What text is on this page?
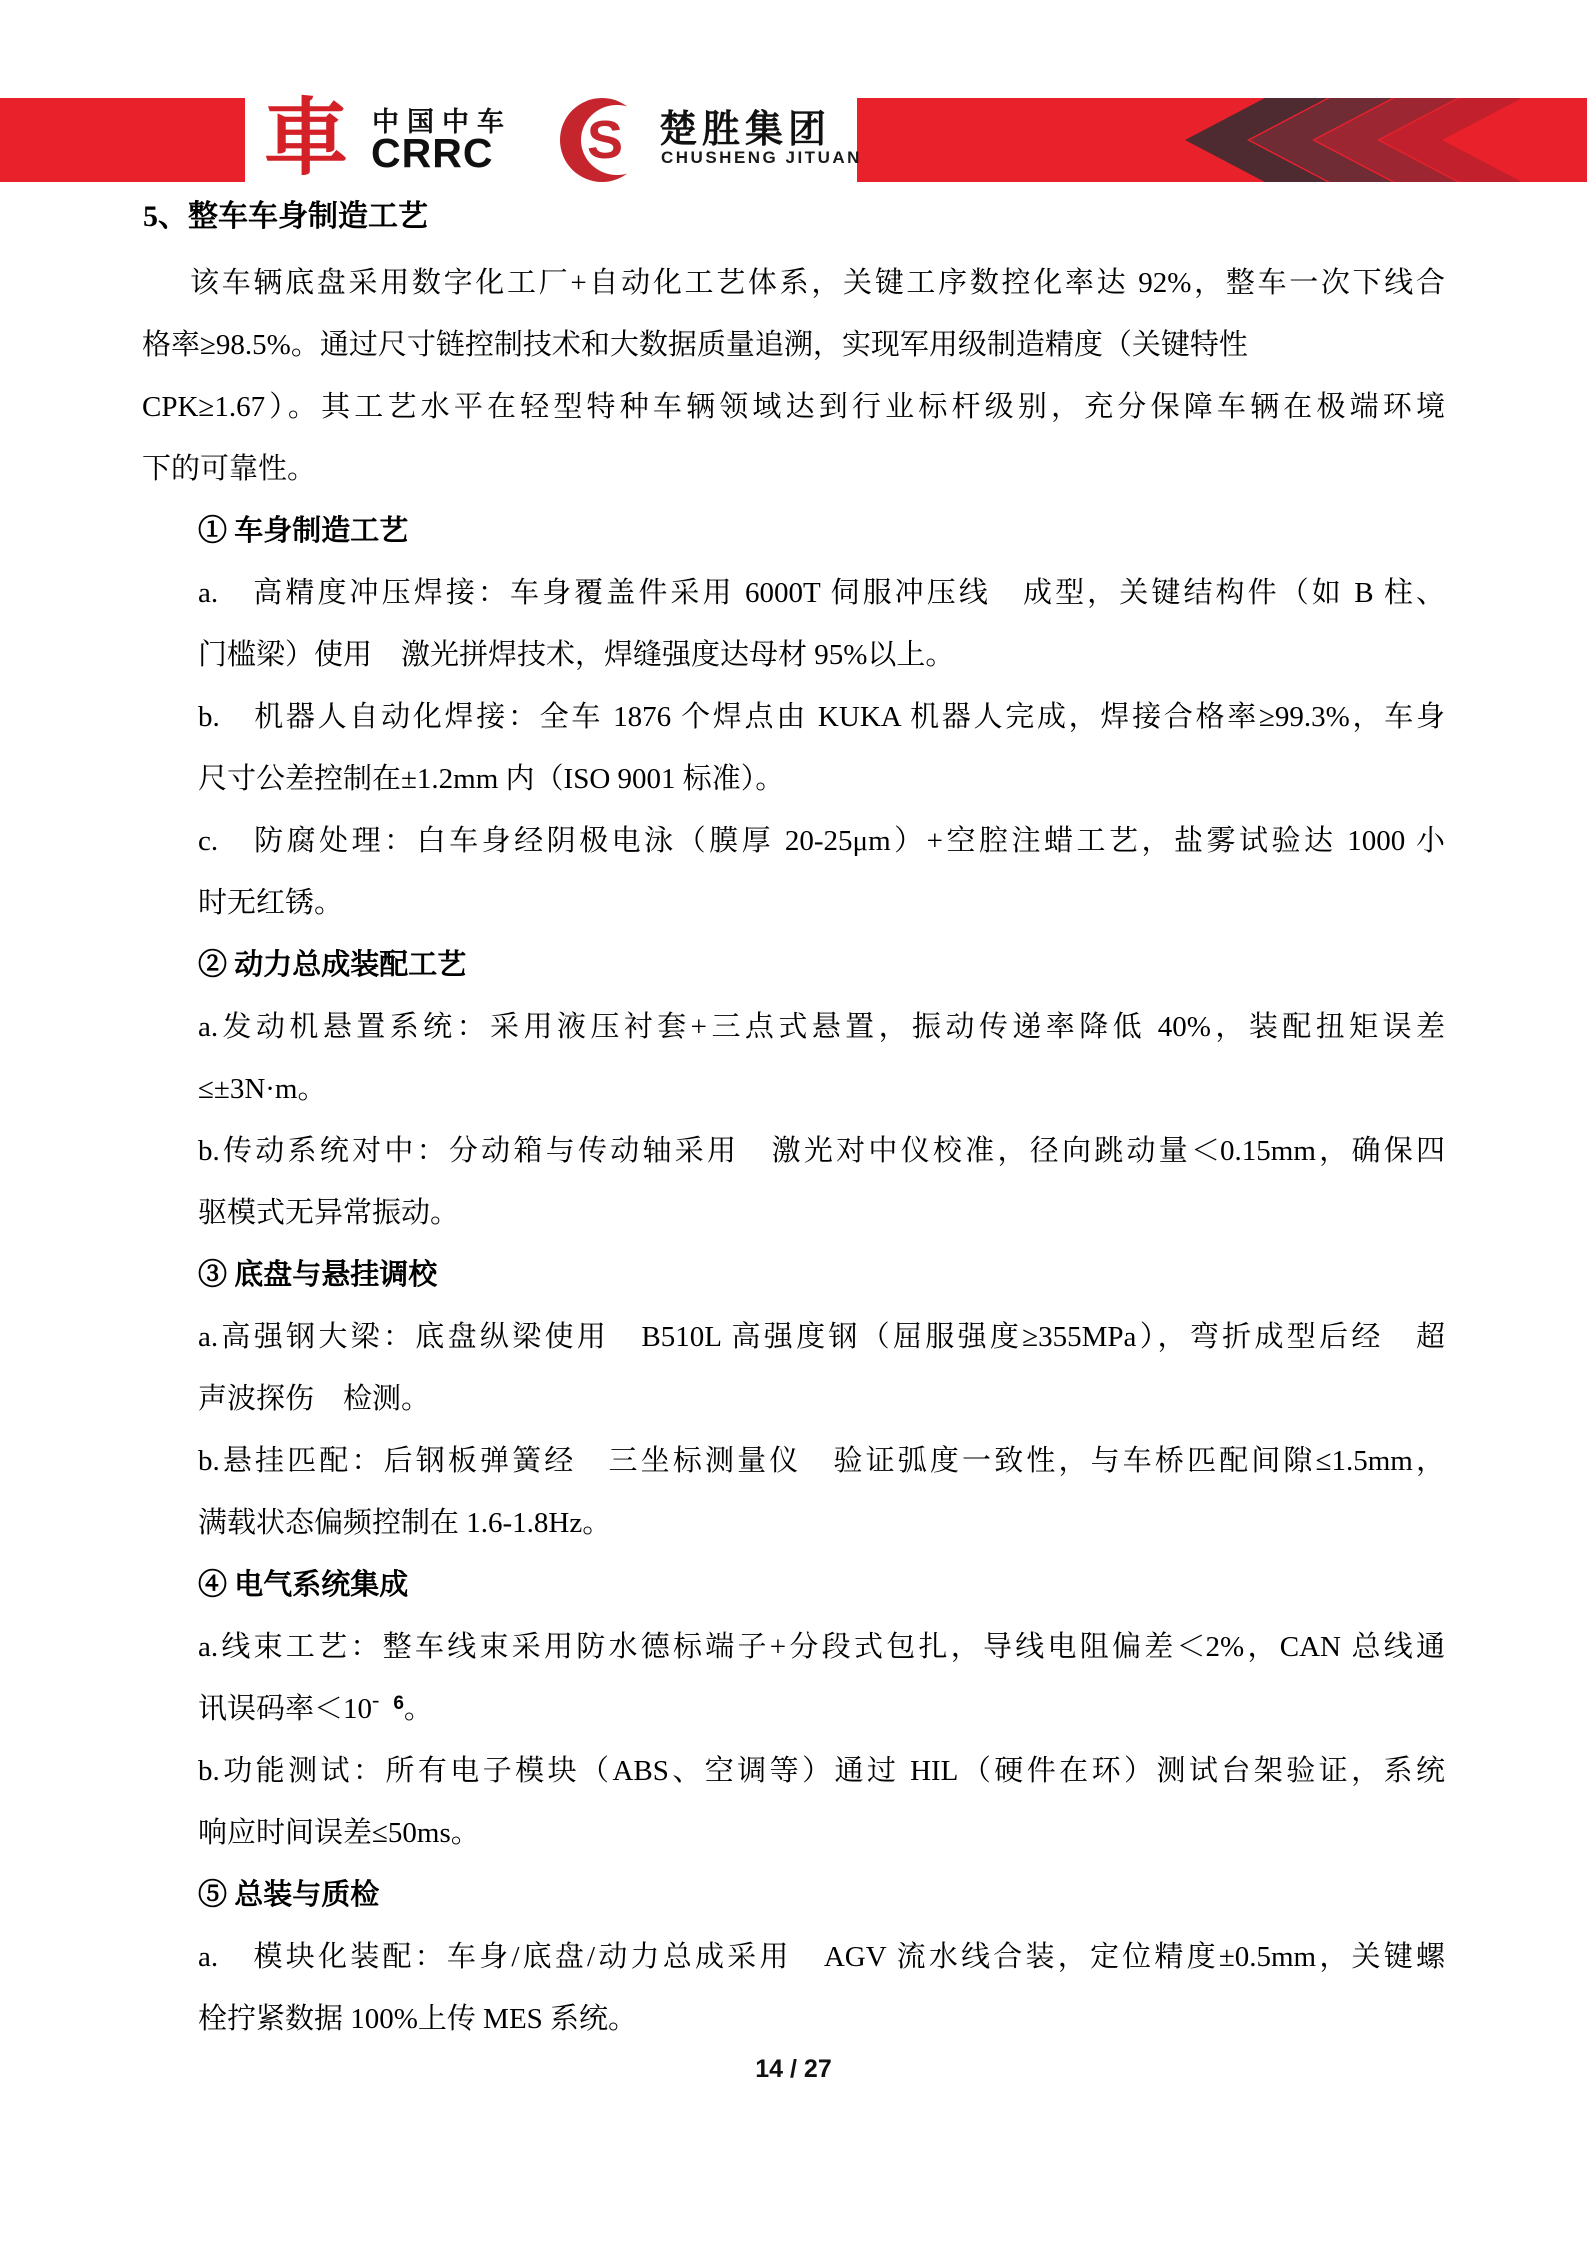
車 中国中车
CRRC	S 楚胜集团
CHUSHENG JITUAN
5、整车车身制造工艺
该车辆底盘采用数字化工厂+自动化工艺体系，关键工序数控化率达 92%，整车一次下线合
格率≥98.5%。通过尺寸链控制技术和大数据质量追溯，实现军用级制造精度（关键特性
CPK≥1.67）。其工艺水平在轻型特种车辆领域达到行业标杆级别，充分保障车辆在极端环境
下的可靠性。
① 车身制造工艺
a.　高精度冲压焊接：车身覆盖件采用 6000T 伺服冲压线　成型，关键结构件（如 B 柱、
门槛梁）使用　激光拼焊技术，焊缝强度达母材 95%以上。
b.　机器人自动化焊接：全车 1876 个焊点由 KUKA 机器人完成，焊接合格率≥99.3%，车身
尺寸公差控制在±1.2mm 内（ISO 9001 标准）。
c.　防腐处理：白车身经阴极电泳（膜厚 20-25μm）+空腔注蜡工艺，盐雾试验达 1000 小
时无红锈。
② 动力总成装配工艺
a.发动机悬置系统：采用液压衬套+三点式悬置，振动传递率降低 40%，装配扭矩误差
≤±3N·m。
b.传动系统对中：分动箱与传动轴采用　激光对中仪校准，径向跳动量＜0.15mm，确保四
驱模式无异常振动。
③ 底盘与悬挂调校
a.高强钢大梁：底盘纵梁使用　B510L 高强度钢（屈服强度≥355MPa），弯折成型后经　超
声波探伤　检测。
b.悬挂匹配：后钢板弹簧经　三坐标测量仪　验证弧度一致性，与车桥匹配间隙≤1.5mm，
满载状态偏频控制在 1.6-1.8Hz。
④ 电气系统集成
a.线束工艺：整车线束采用防水德标端子+分段式包扎，导线电阻偏差＜2%，CAN 总线通
讯误码率＜10- 6。
b.功能测试：所有电子模块（ABS、空调等）通过 HIL（硬件在环）测试台架验证，系统
响应时间误差≤50ms。
⑤ 总装与质检
a.　模块化装配：车身/底盘/动力总成采用　AGV 流水线合装，定位精度±0.5mm，关键螺
栓拧紧数据 100%上传 MES 系统。
14 / 27
